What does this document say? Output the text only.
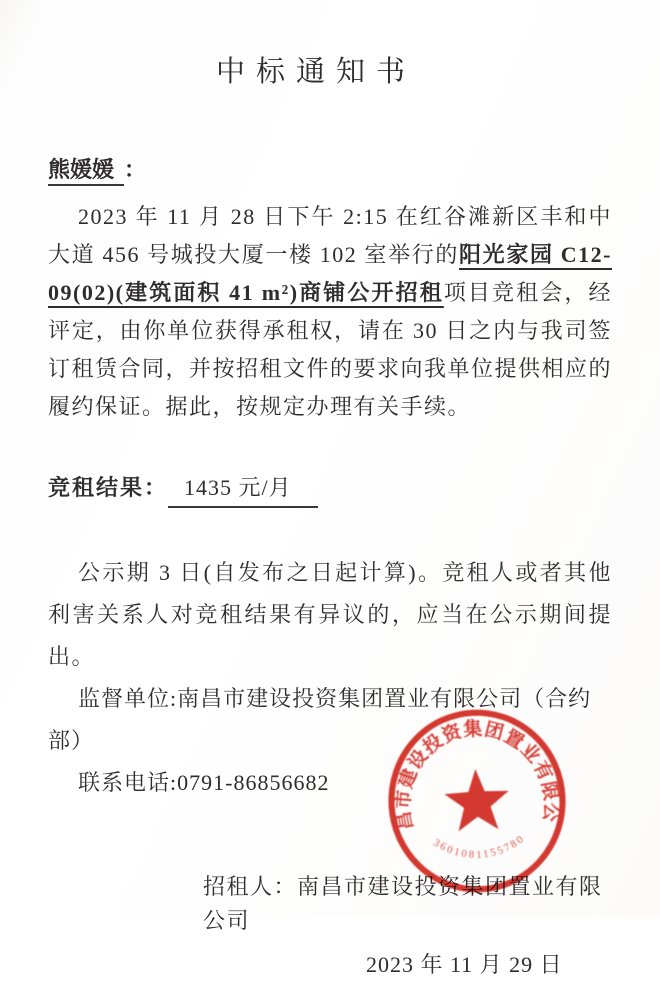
中标通知书
熊媛媛 ：

2023 年 11 月 28 日下午 2:15 在红谷滩新区丰和中大道 456 号城投大厦一楼 102 室举行的阳光家园 C12-09(02)(建筑面积 41 m²)商铺公开招租项目竞租会，经评定，由你单位获得承租权，请在 30 日之内与我司签订租赁合同，并按招租文件的要求向我单位提供相应的履约保证。据此，按规定办理有关手续。

竞租结果： 1435 元/月

公示期 3 日(自发布之日起计算)。竞租人或者其他利害关系人对竞租结果有异议的，应当在公示期间提出。

监督单位:南昌市建设投资集团置业有限公司（合约部）

联系电话:0791-86856682

招租人：南昌市建设投资集团置业有限公司

2023 年 11 月 29 日

南昌市建设投资集团置业有限公司
3601081155780
